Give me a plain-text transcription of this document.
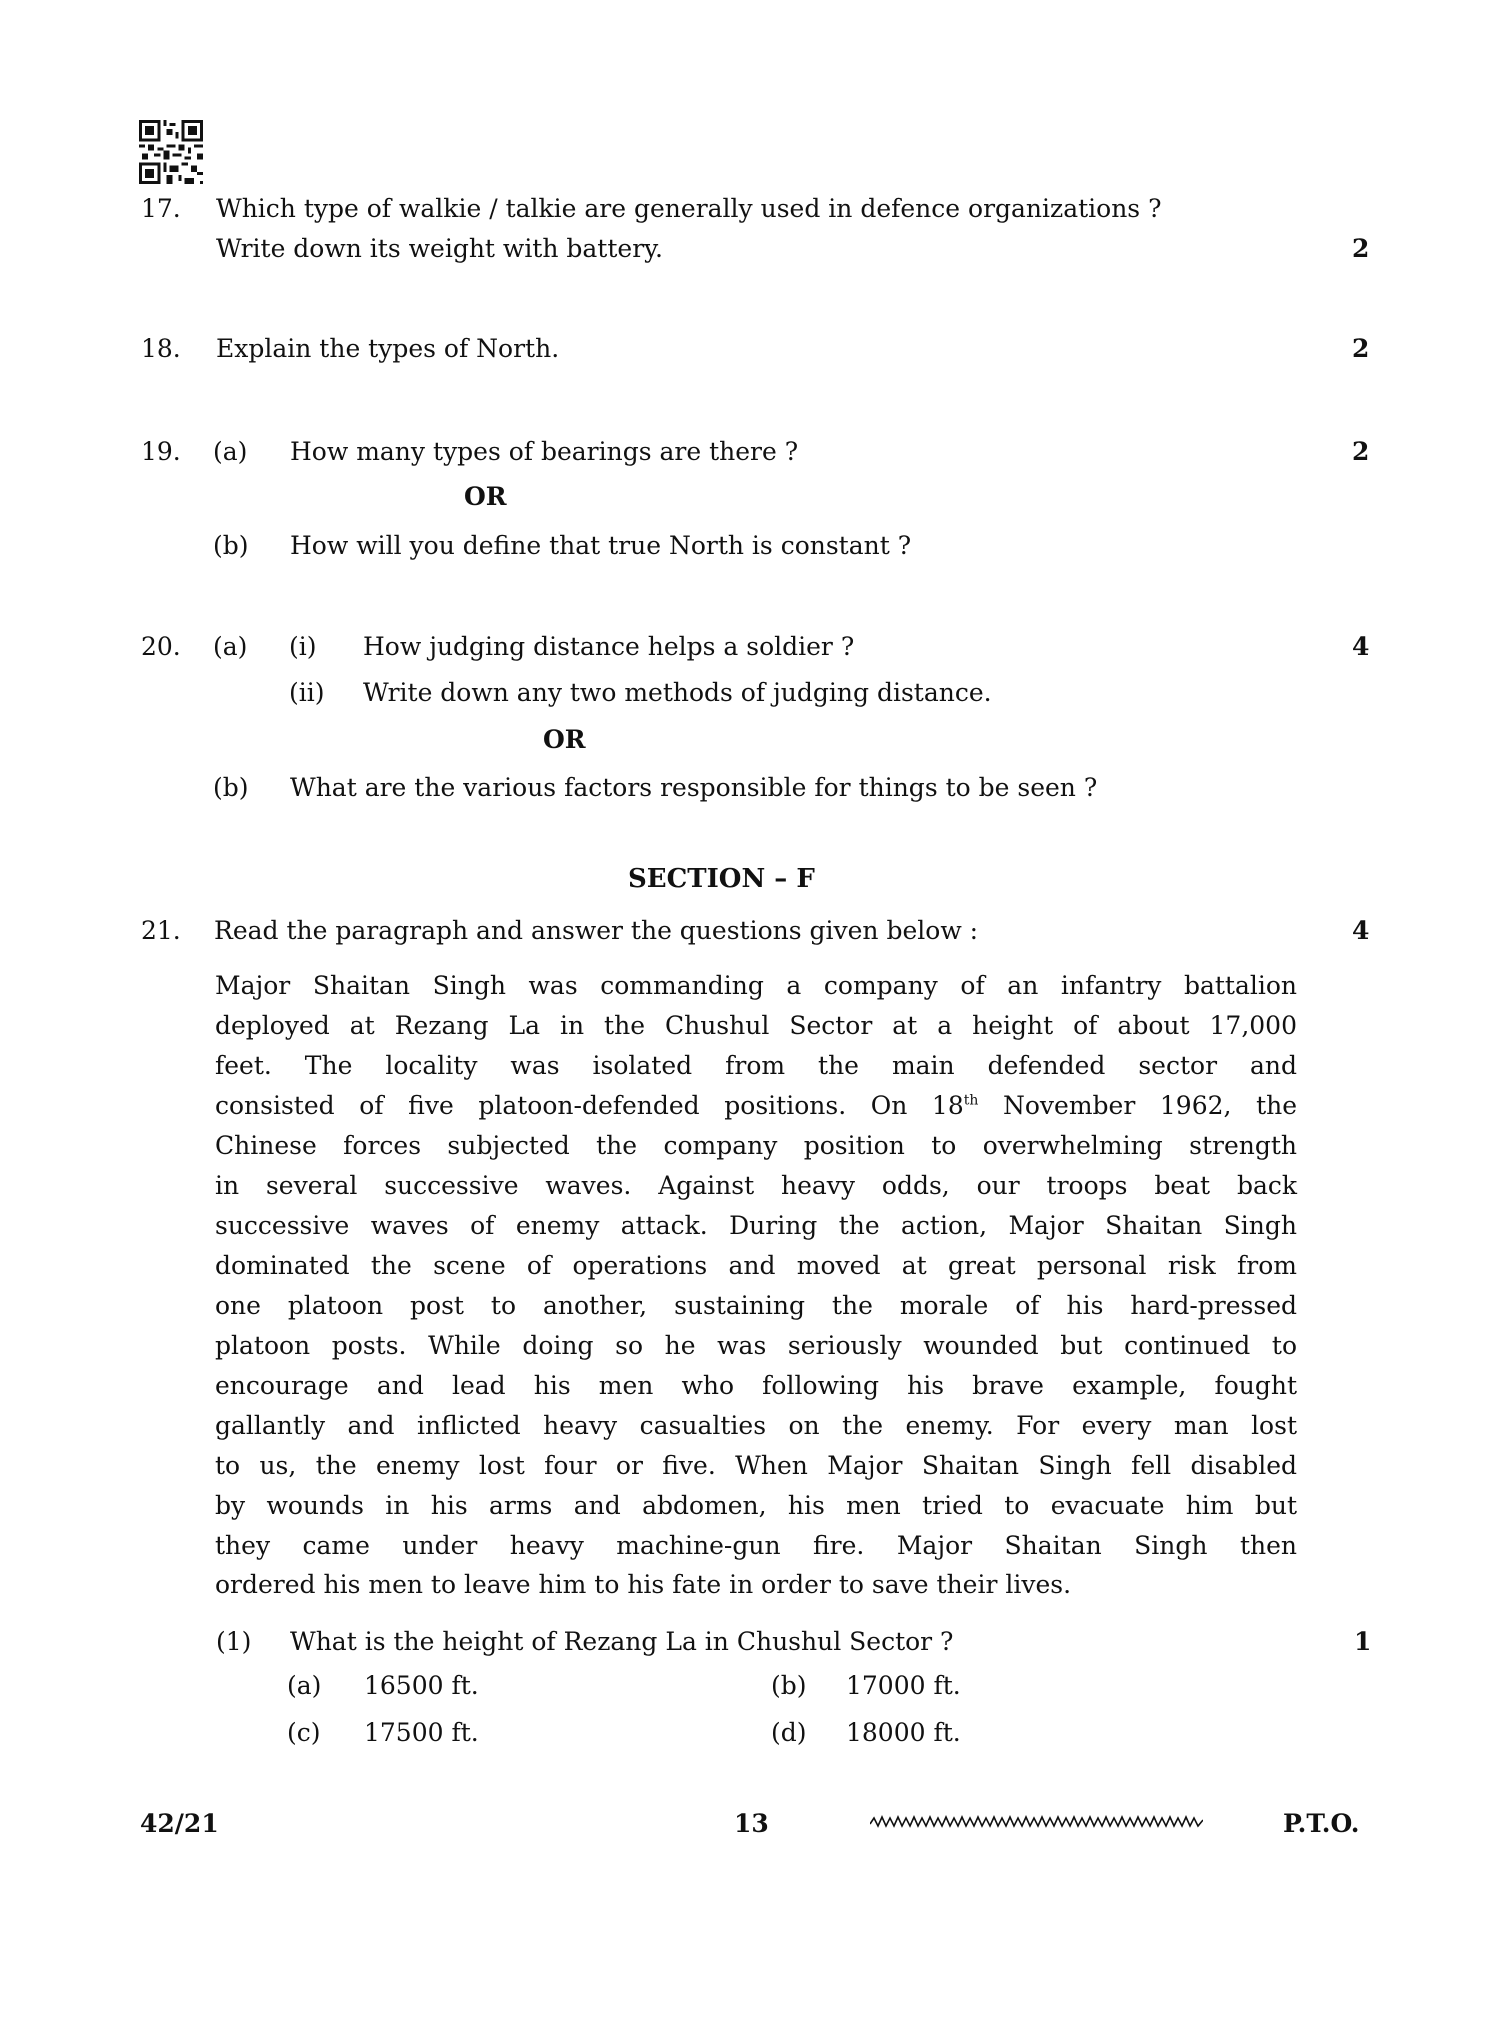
17. Which type of walkie / talkie are generally used in defence organizations ?
Write down its weight with battery.	2
18. Explain the types of North.	2
19. (a) How many types of bearings are there ?	2
OR
(b) How will you define that true North is constant ?
20. (a) (i) How judging distance helps a soldier ?	4
(ii) Write down any two methods of judging distance.
OR
(b) What are the various factors responsible for things to be seen ?
SECTION – F
21. Read the paragraph and answer the questions given below :	4
Major Shaitan Singh was commanding a company of an infantry battalion
deployed at Rezang La in the Chushul Sector at a height of about 17,000
feet. The locality was isolated from the main defended sector and
consisted of five platoon-defended positions. On 18th November 1962, the
Chinese forces subjected the company position to overwhelming strength
in several successive waves. Against heavy odds, our troops beat back
successive waves of enemy attack. During the action, Major Shaitan Singh
dominated the scene of operations and moved at great personal risk from
one platoon post to another, sustaining the morale of his hard-pressed
platoon posts. While doing so he was seriously wounded but continued to
encourage and lead his men who following his brave example, fought
gallantly and inflicted heavy casualties on the enemy. For every man lost
to us, the enemy lost four or five. When Major Shaitan Singh fell disabled
by wounds in his arms and abdomen, his men tried to evacuate him but
they came under heavy machine-gun fire. Major Shaitan Singh then
ordered his men to leave him to his fate in order to save their lives.
(1) What is the height of Rezang La in Chushul Sector ?	1
(a) 16500 ft.	(b) 17000 ft.
(c) 17500 ft.	(d) 18000 ft.
42/21	13	P.T.O.
